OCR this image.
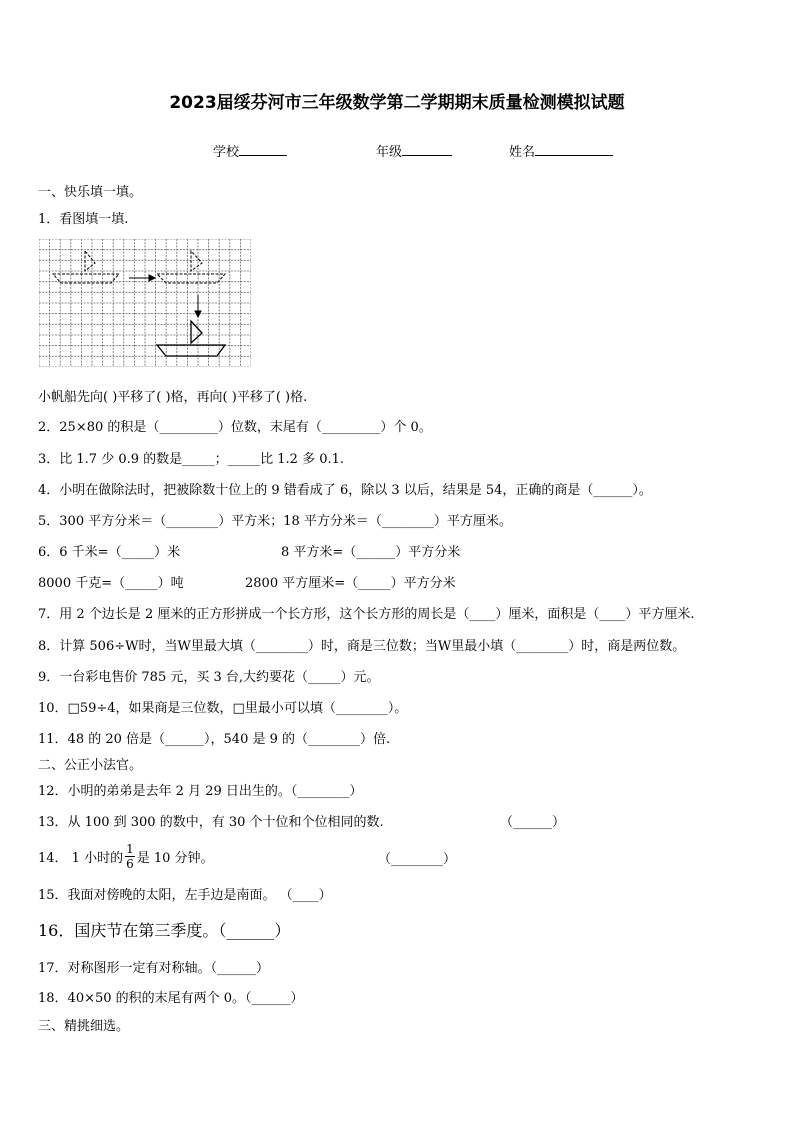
2023届绥芬河市三年级数学第二学期期末质量检测模拟试题
学校	年级	姓名
一、快乐填一填。
1．看图填一填.
小帆船先向( )平移了( )格，再向( )平移了( )格.
2．25×80 的积是（_________）位数，末尾有（_________）个 0。
3．比 1.7 少 0.9 的数是_____；_____比 1.2 多 0.1.
4．小明在做除法时，把被除数十位上的 9 错看成了 6，除以 3 以后，结果是 54，正确的商是（______）。
5．300 平方分米＝（________）平方米；18 平方分米＝（________）平方厘米。
6．6 千米=（_____）米	8 平方米=（______）平方分米
8000 千克=（_____）吨	2800 平方厘米=（_____）平方分米
7．用 2 个边长是 2 厘米的正方形拼成一个长方形，这个长方形的周长是（____）厘米，面积是（____）平方厘米.
8．计算 506÷W时，当W里最大填（________）时，商是三位数；当W里最小填（________）时，商是两位数。
9．一台彩电售价 785 元，买 3 台,大约要花（_____）元。
10．□59÷4，如果商是三位数，□里最小可以填（________）。
11．48 的 20 倍是（______），540 是 9 的（________）倍.
二、公正小法官。
12．小明的弟弟是去年 2 月 29 日出生的。（________）
13．从 100 到 300 的数中，有 30 个十位和个位相同的数.	（______）
14． 1 小时的 $\frac{1}{6}$ 是 10 分钟。	（________）
15．我面对傍晚的太阳，左手边是南面。 （____）
16．国庆节在第三季度。（______）
17．对称图形一定有对称轴。（______）
18．40×50 的积的末尾有两个 0。（______）
三、精挑细选。
